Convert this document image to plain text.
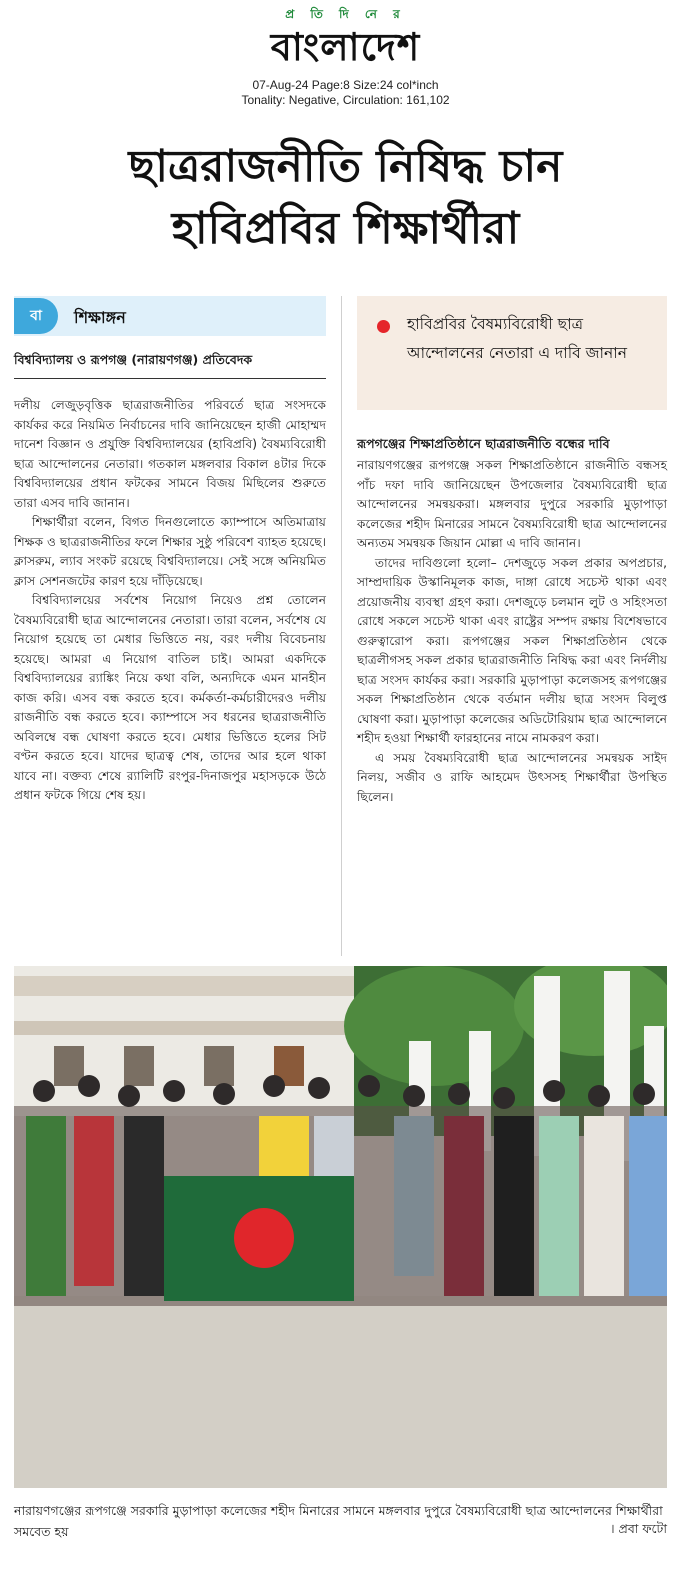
প্র তি দি নে র
বাংলাদেশ
07-Aug-24 Page:8 Size:24 col*inch
Tonality: Negative, Circulation: 161,102
ছাত্ররাজনীতি নিষিদ্ধ চান
হাবিপ্রবির শিক্ষার্থীরা
বা	শিক্ষাঙ্গন
বিশ্ববিদ্যালয় ও রূপগঞ্জ (নারায়ণগঞ্জ) প্রতিবেদক
হাবিপ্রবির বৈষম্যবিরোধী ছাত্র আন্দোলনের নেতারা এ দাবি জানান

দলীয় লেজুড়বৃত্তিক ছাত্ররাজনীতির পরিবর্তে ছাত্র সংসদকে কার্যকর করে নিয়মিত নির্বাচনের দাবি জানিয়েছেন হাজী মোহাম্মদ দানেশ বিজ্ঞান ও প্রযুক্তি বিশ্ববিদ্যালয়ের (হাবিপ্রবি) বৈষম্যবিরোধী ছাত্র আন্দোলনের নেতারা। গতকাল মঙ্গলবার বিকাল ৪টার দিকে বিশ্ববিদ্যালয়ের প্রধান ফটকের সামনে বিজয় মিছিলের শুরুতে তারা এসব দাবি জানান।

শিক্ষার্থীরা বলেন, বিগত দিনগুলোতে ক্যাম্পাসে অতিমাত্রায় শিক্ষক ও ছাত্ররাজনীতির ফলে শিক্ষার সুষ্ঠু পরিবেশ ব্যাহত হয়েছে। ক্লাসরুম, ল্যাব সংকট রয়েছে বিশ্ববিদ্যালয়ে। সেই সঙ্গে অনিয়মিত ক্লাস সেশনজটের কারণ হয়ে দাঁড়িয়েছে।

বিশ্ববিদ্যালয়ের সর্বশেষ নিয়োগ নিয়েও প্রশ্ন তোলেন বৈষম্যবিরোধী ছাত্র আন্দোলনের নেতারা। তারা বলেন, সর্বশেষ যে নিয়োগ হয়েছে তা মেধার ভিত্তিতে নয়, বরং দলীয় বিবেচনায় হয়েছে। আমরা এ নিয়োগ বাতিল চাই। আমরা একদিকে বিশ্ববিদ্যালয়ের র‌্যাঙ্কিং নিয়ে কথা বলি, অন্যদিকে এমন মানহীন কাজ করি। এসব বন্ধ করতে হবে। কর্মকর্তা-কর্মচারীদেরও দলীয় রাজনীতি বন্ধ করতে হবে। ক্যাম্পাসে সব ধরনের ছাত্ররাজনীতি অবিলম্বে বন্ধ ঘোষণা করতে হবে। মেধার ভিত্তিতে হলের সিট বণ্টন করতে হবে। যাদের ছাত্রত্ব শেষ, তাদের আর হলে থাকা যাবে না। বক্তব্য শেষে র‌্যালিটি রংপুর-দিনাজপুর মহাসড়কে উঠে প্রধান ফটকে গিয়ে শেষ হয়।

রূপগঞ্জের শিক্ষাপ্রতিষ্ঠানে ছাত্ররাজনীতি বন্ধের দাবি

নারায়ণগঞ্জের রূপগঞ্জে সকল শিক্ষাপ্রতিষ্ঠানে রাজনীতি বন্ধসহ পাঁচ দফা দাবি জানিয়েছেন উপজেলার বৈষম্যবিরোধী ছাত্র আন্দোলনের সমন্বয়করা। মঙ্গলবার দুপুরে সরকারি মুড়াপাড়া কলেজের শহীদ মিনারের সামনে বৈষম্যবিরোধী ছাত্র আন্দোলনের অন্যতম সমন্বয়ক জিয়ান মোল্লা এ দাবি জানান।

তাদের দাবিগুলো হলো– দেশজুড়ে সকল প্রকার অপপ্রচার, সাম্প্রদায়িক উস্কানিমূলক কাজ, দাঙ্গা রোধে সচেস্ট থাকা এবং প্রয়োজনীয় ব্যবস্থা গ্রহণ করা। দেশজুড়ে চলমান লুট ও সহিংসতা রোধে সকলে সচেস্ট থাকা এবং রাষ্ট্রের সম্পদ রক্ষায় বিশেষভাবে গুরুত্বারোপ করা। রূপগঞ্জের সকল শিক্ষাপ্রতিষ্ঠান থেকে ছাত্রলীগসহ সকল প্রকার ছাত্ররাজনীতি নিষিদ্ধ করা এবং নির্দলীয় ছাত্র সংসদ কার্যকর করা। সরকারি মুড়াপাড়া কলেজসহ রূপগঞ্জের সকল শিক্ষাপ্রতিষ্ঠান থেকে বর্তমান দলীয় ছাত্র সংসদ বিলুপ্ত ঘোষণা করা। মুড়াপাড়া কলেজের অডিটোরিয়াম ছাত্র আন্দোলনে শহীদ হওয়া শিক্ষার্থী ফারহানের নামে নামকরণ করা।

এ সময় বৈষম্যবিরোধী ছাত্র আন্দোলনের সমন্বয়ক সাইদ নিলয়, সজীব ও রাফি আহমেদ উৎসসহ শিক্ষার্থীরা উপস্থিত ছিলেন।

নারায়ণগঞ্জের রূপগঞ্জে সরকারি মুড়াপাড়া কলেজের শহীদ মিনারের সামনে মঙ্গলবার দুপুরে বৈষম্যবিরোধী ছাত্র আন্দোলনের শিক্ষার্থীরা সমবেত হয়	। প্রবা ফটো
